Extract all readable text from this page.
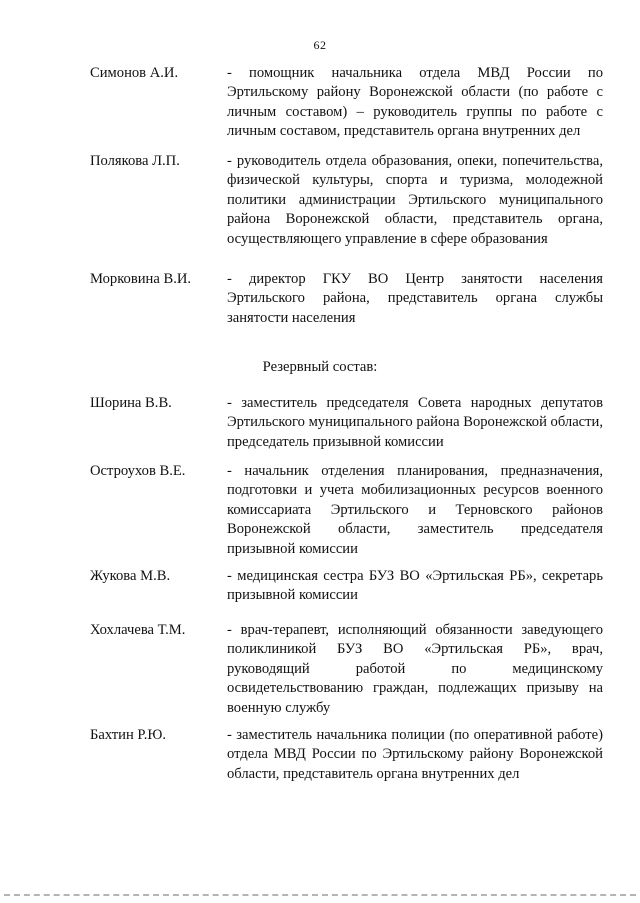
62
Симонов А.И.	- помощник начальника отдела МВД России по Эртильскому району Воронежской области (по работе с личным составом) – руководитель группы по работе с личным составом, представитель органа внутренних дел
Полякова Л.П.	- руководитель отдела образования, опеки, попечительства, физической культуры, спорта и туризма, молодежной политики администрации Эртильского муниципального района Воронежской области, представитель органа, осуществляющего управление в сфере образования
Морковина В.И. - директор ГКУ ВО Центр занятости населения Эртильского района, представитель органа службы занятости населения
Резервный состав:
Шорина В.В.	- заместитель председателя Совета народных депутатов Эртильского муниципального района Воронежской области, председатель призывной комиссии
Остроухов В.Е.	- начальник отделения планирования, предназначения, подготовки и учета мобилизационных ресурсов военного комиссариата Эртильского и Терновского районов Воронежской области, заместитель председателя призывной комиссии
Жукова М.В.	- медицинская сестра БУЗ ВО «Эртильская РБ», секретарь призывной комиссии
Хохлачева Т.М.	- врач-терапевт, исполняющий обязанности заведующего поликлиникой БУЗ ВО «Эртильская РБ», врач, руководящий работой по медицинскому освидетельствованию граждан, подлежащих призыву на военную службу
Бахтин Р.Ю.	- заместитель начальника полиции (по оперативной работе) отдела МВД России по Эртильскому району Воронежской области, представитель органа внутренних дел
